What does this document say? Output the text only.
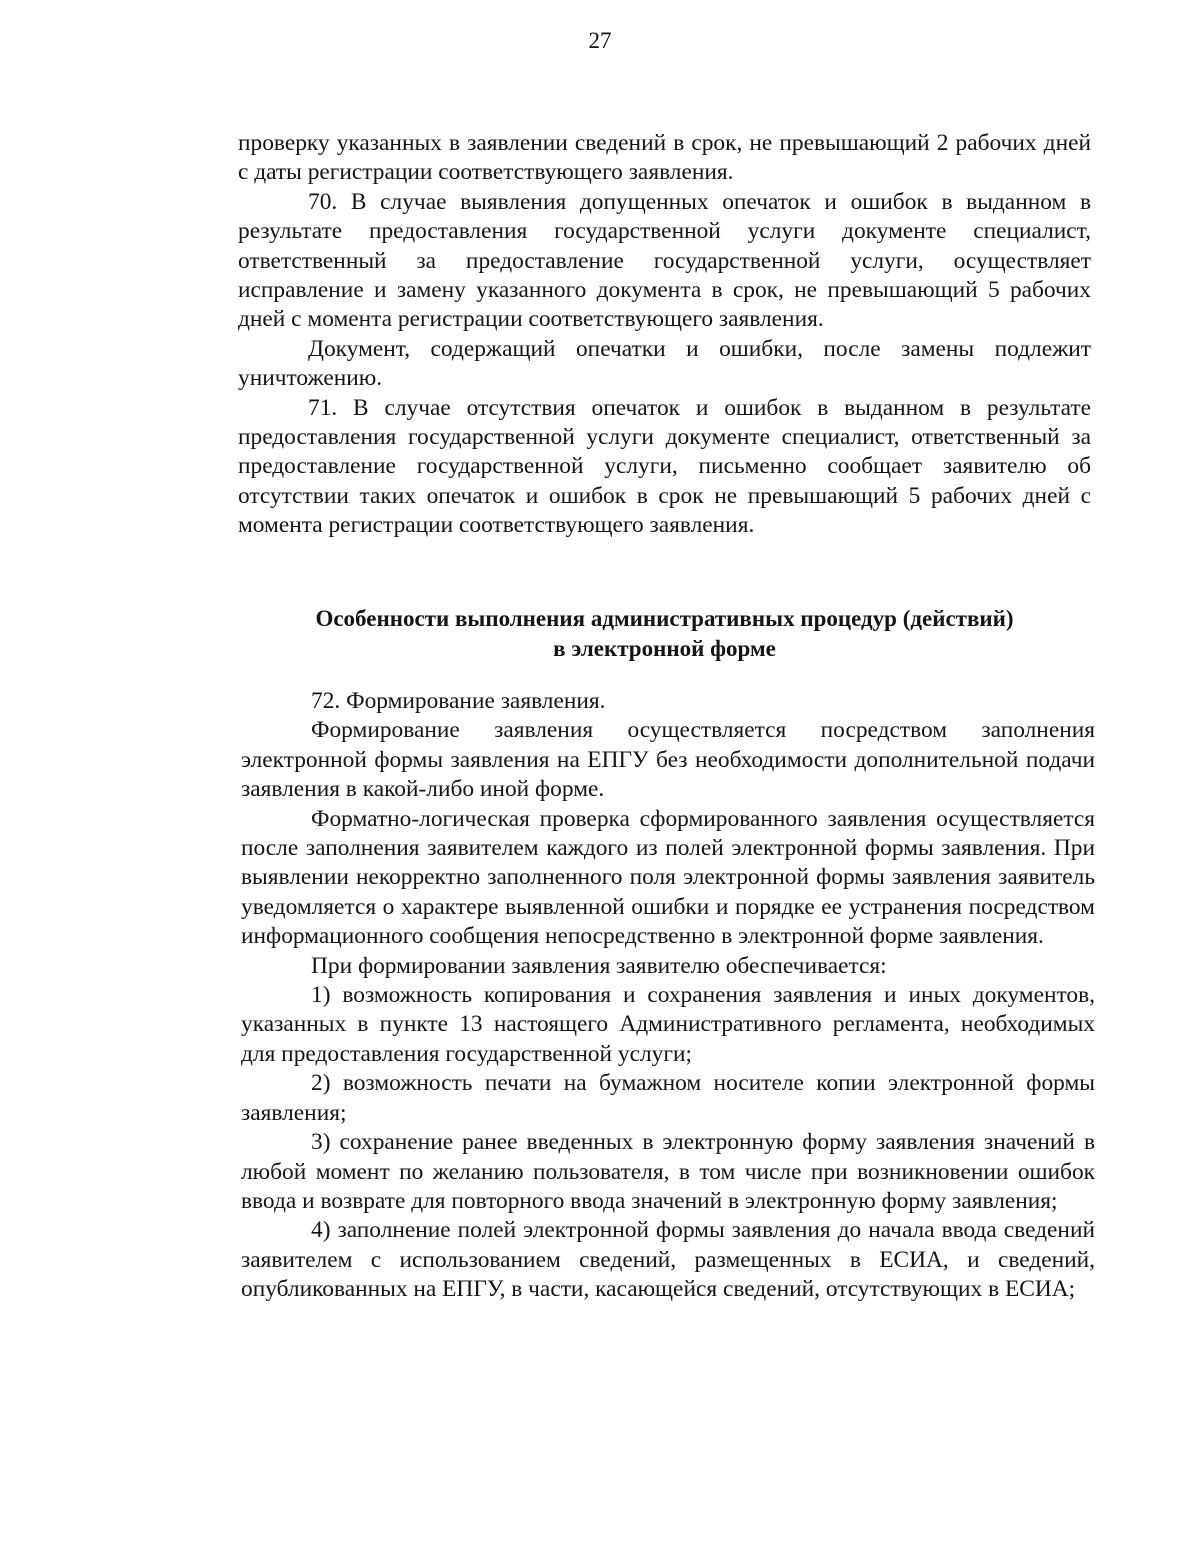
27

проверку указанных в заявлении сведений в срок, не превышающий 2 рабочих дней с даты регистрации соответствующего заявления.

70. В случае выявления допущенных опечаток и ошибок в выданном в результате предоставления государственной услуги документе специалист, ответственный за предоставление государственной услуги, осуществляет исправление и замену указанного документа в срок, не превышающий 5 рабочих дней с момента регистрации соответствующего заявления.

Документ, содержащий опечатки и ошибки, после замены подлежит уничтожению.

71. В случае отсутствия опечаток и ошибок в выданном в результате предоставления государственной услуги документе специалист, ответственный за предоставление государственной услуги, письменно сообщает заявителю об отсутствии таких опечаток и ошибок в срок не превышающий 5 рабочих дней с момента регистрации соответствующего заявления.

Особенности выполнения административных процедур (действий)
в электронной форме

72. Формирование заявления.

Формирование заявления осуществляется посредством заполнения электронной формы заявления на ЕПГУ без необходимости дополнительной подачи заявления в какой-либо иной форме.

Форматно-логическая проверка сформированного заявления осуществляется после заполнения заявителем каждого из полей электронной формы заявления. При выявлении некорректно заполненного поля электронной формы заявления заявитель уведомляется о характере выявленной ошибки и порядке ее устранения посредством информационного сообщения непосредственно в электронной форме заявления.

При формировании заявления заявителю обеспечивается:

1) возможность копирования и сохранения заявления и иных документов, указанных в пункте 13 настоящего Административного регламента, необходимых для предоставления государственной услуги;

2) возможность печати на бумажном носителе копии электронной формы заявления;

3) сохранение ранее введенных в электронную форму заявления значений в любой момент по желанию пользователя, в том числе при возникновении ошибок ввода и возврате для повторного ввода значений в электронную форму заявления;

4) заполнение полей электронной формы заявления до начала ввода сведений заявителем с использованием сведений, размещенных в ЕСИА, и сведений, опубликованных на ЕПГУ, в части, касающейся сведений, отсутствующих в ЕСИА;
